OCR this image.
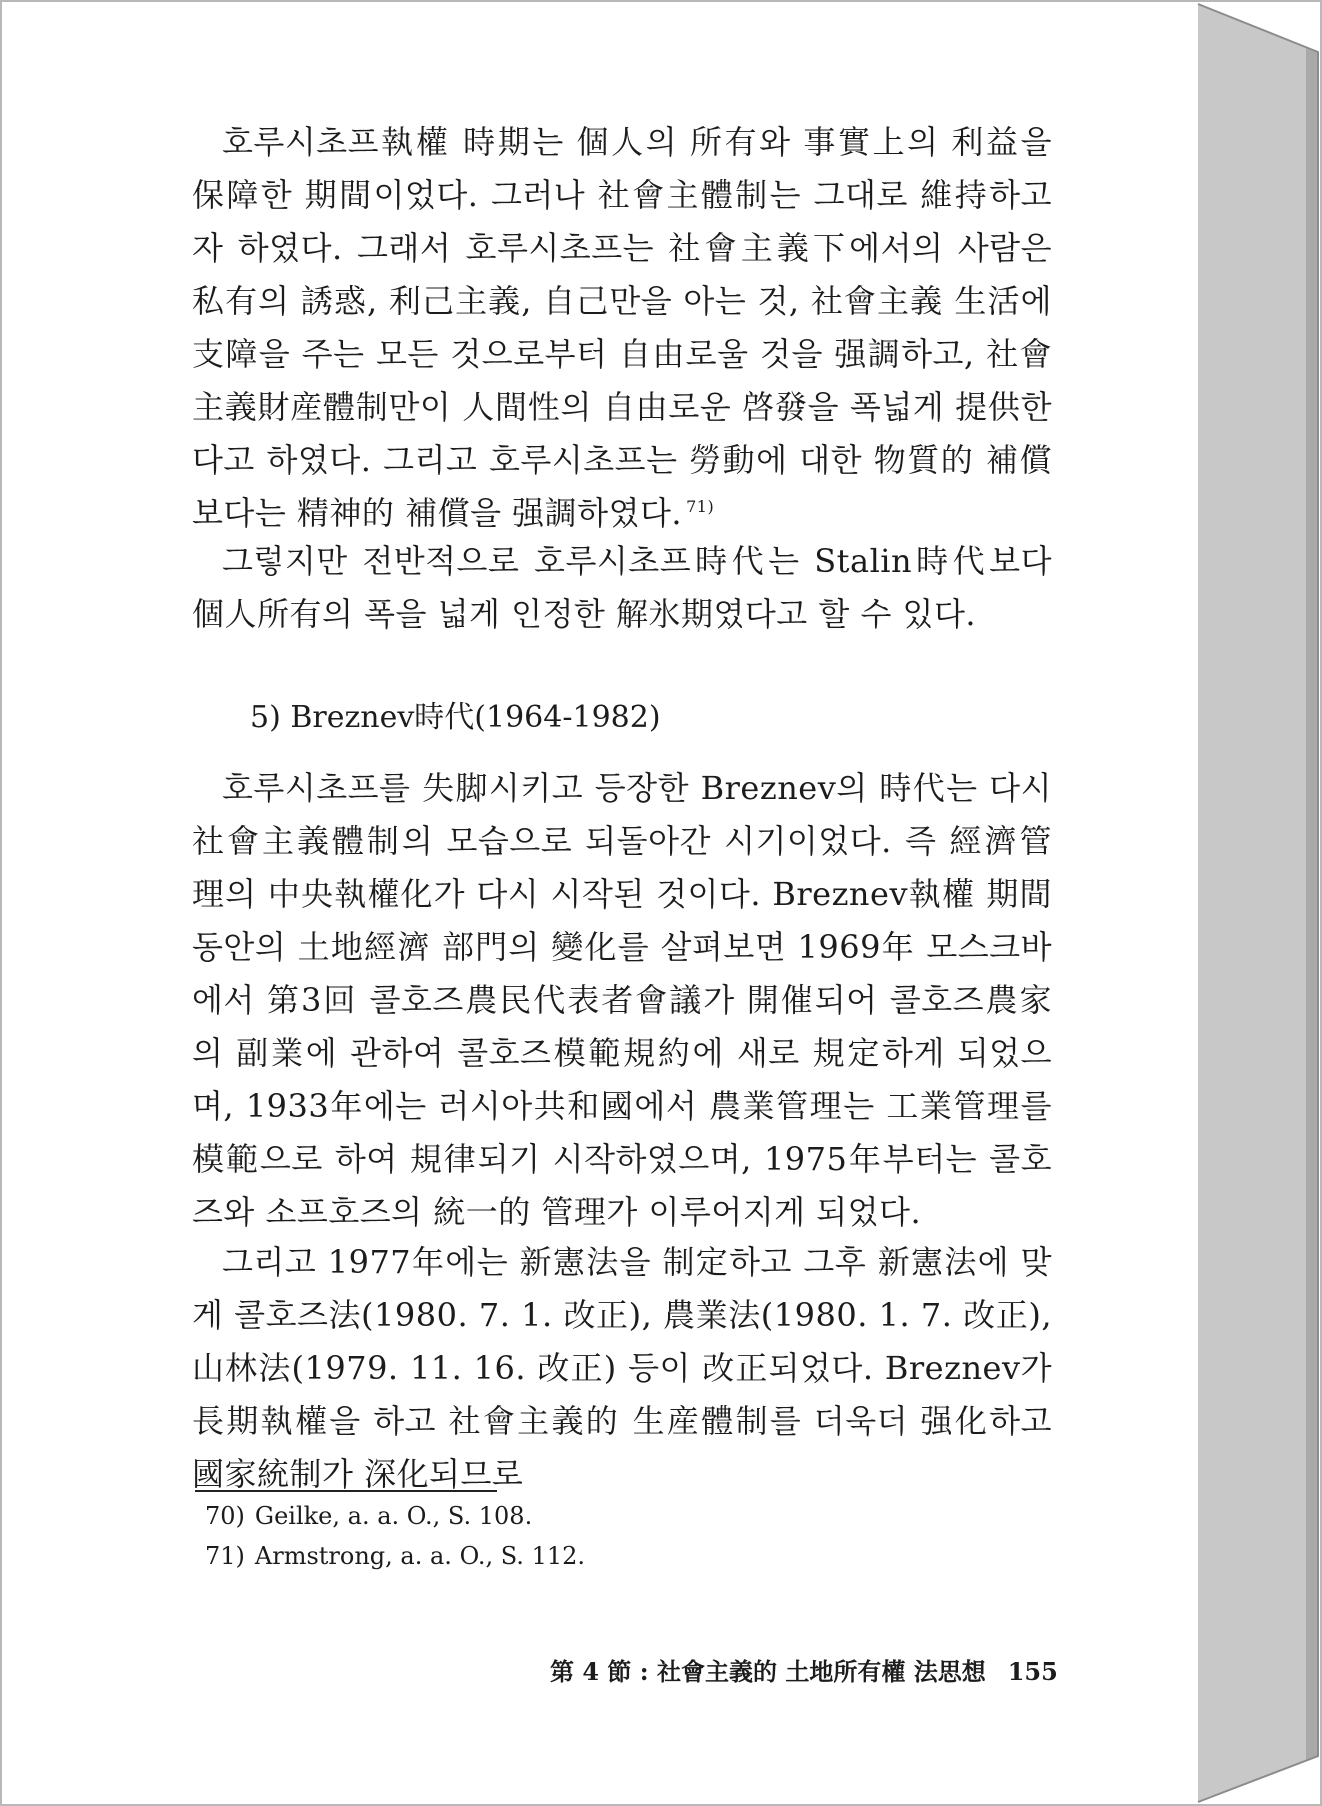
호루시초프執權 時期는 個人의 所有와 事實上의 利益을 保障한 期間이었다. 그러나 社會主體制는 그대로 維持하고자 하였다. 그래서 호루시초프는 社會主義下에서의 사람은 私有의 誘惑, 利己主義, 自己만을 아는 것, 社會主義 生活에 支障을 주는 모든 것으로부터 自由로울 것을 强調하고, 社會主義財産體制만이 人間性의 自由로운 啓發을 폭넓게 提供한다고 하였다. 그리고 호루시초프는 勞動에 대한 物質的 補償보다는 精神的 補償을 强調하였다. $^{71)}$

그렇지만 전반적으로 호루시초프時代는 Stalin時代보다 個人所有의 폭을 넓게 인정한 解氷期였다고 할 수 있다.

5) Breznev時代(1964-1982)

호루시초프를 失脚시키고 등장한 Breznev의 時代는 다시 社會主義體制의 모습으로 되돌아간 시기이었다. 즉 經濟管理의 中央執權化가 다시 시작된 것이다. Breznev執權 期間동안의 土地經濟 部門의 變化를 살펴보면 1969年 모스크바에서 第3回 콜호즈農民代表者會議가 開催되어 콜호즈農家의 副業에 관하여 콜호즈模範規約에 새로 規定하게 되었으며, 1933年에는 러시아共和國에서 農業管理는 工業管理를 模範으로 하여 規律되기 시작하였으며, 1975年부터는 콜호즈와 소프호즈의 統一的 管理가 이루어지게 되었다.

그리고 1977年에는 新憲法을 制定하고 그후 新憲法에 맞게 콜호즈法(1980. 7. 1. 改正), 農業法(1980. 1. 7. 改正), 山林法(1979. 11. 16. 改正) 등이 改正되었다. Breznev가 長期執權을 하고 社會主義的 生産體制를 더욱더 强化하고 國家統制가 深化되므로

70) Geilke, a. a. O., S. 108.
71) Armstrong, a. a. O., S. 112.
第 4 節 : 社會主義的 土地所有權 法思想 155
